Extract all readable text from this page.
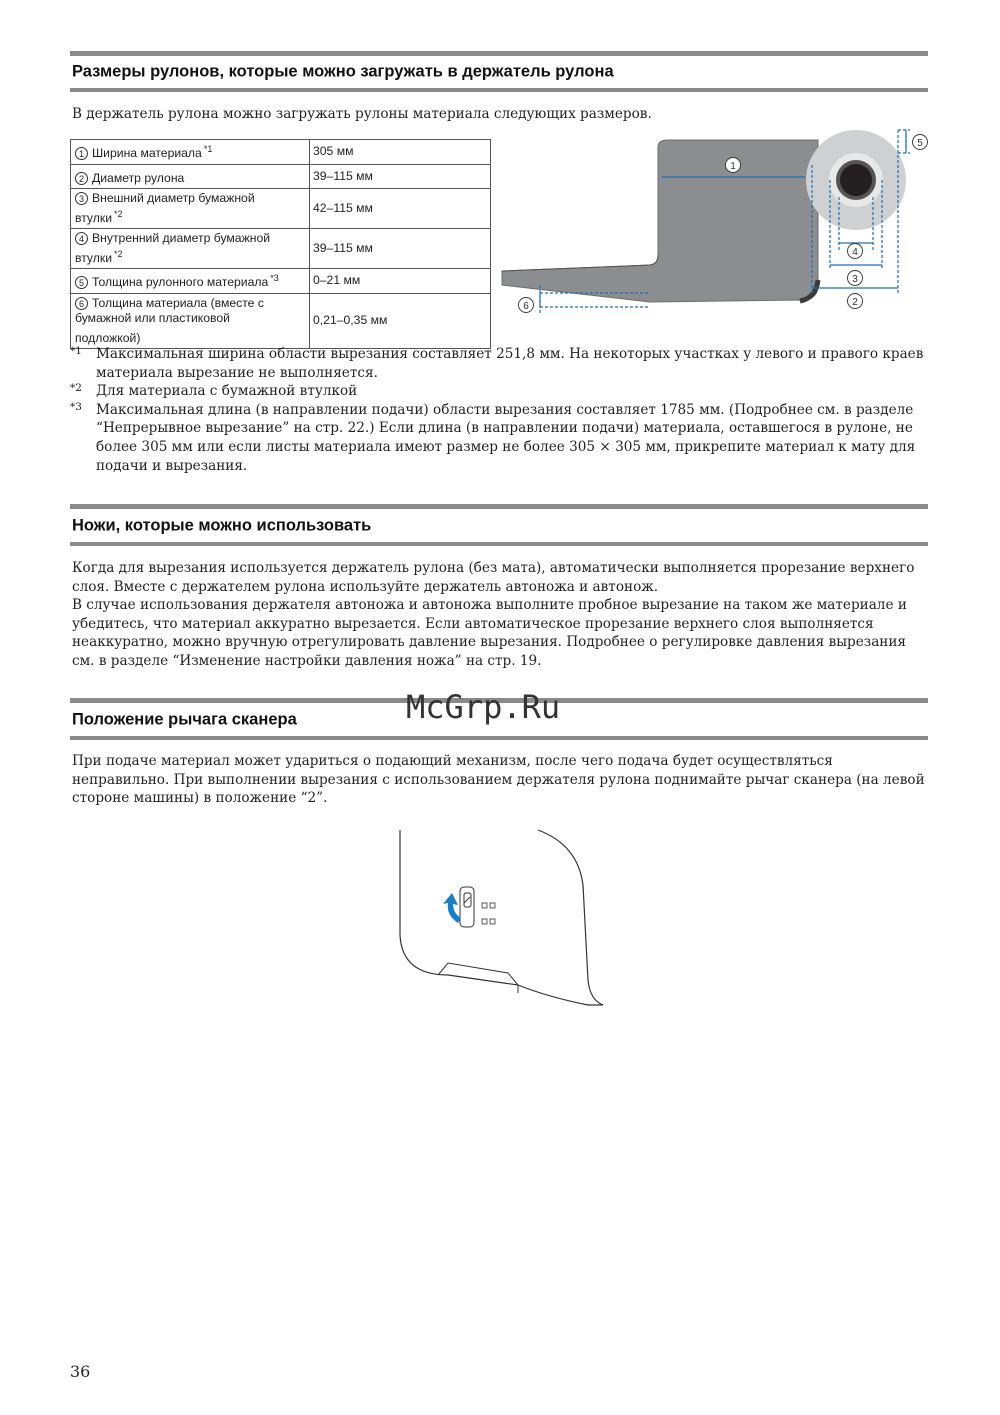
Размеры рулонов, которые можно загружать в держатель рулона

В держатель рулона можно загружать рулоны материала следующих размеров.

1 Ширина материала $^{*1}$	305 мм
2 Диаметр рулона	39–115 мм
3 Внешний диаметр бумажной
втулки $^{*2}$	42–115 мм
4 Внутренний диаметр бумажной
втулки $^{*2}$	39–115 мм
5 Толщина рулонного материала $^{*3}$	0–21 мм
6 Толщина материала (вместе с
бумажной или пластиковой
подложкой)	0,21–0,35 мм
1
2
3
4
5
6

*1 Максимальная ширина области вырезания составляет 251,8 мм. На некоторых участках у левого и правого краев материала вырезание не выполняется.

*2 Для материала с бумажной втулкой

*3 Максимальная длина (в направлении подачи) области вырезания составляет 1785 мм. (Подробнее см. в разделе “Непрерывное вырезание” на стр. 22.) Если длина (в направлении подачи) материала, оставшегося в рулоне, не более 305 мм или если листы материала имеют размер не более 305 × 305 мм, прикрепите материал к мату для подачи и вырезания.

Ножи, которые можно использовать

Когда для вырезания используется держатель рулона (без мата), автоматически выполняется прорезание верхнего слоя. Вместе с держателем рулона используйте держатель автоножа и автонож.

В случае использования держателя автоножа и автоножа выполните пробное вырезание на таком же материале и убедитесь, что материал аккуратно вырезается. Если автоматическое прорезание верхнего слоя выполняется неаккуратно, можно вручную отрегулировать давление вырезания. Подробнее о регулировке давления вырезания см. в разделе “Изменение настройки давления ножа” на стр. 19.

Положение рычага сканера	McGrp.Ru

При подаче материал может удариться о подающий механизм, после чего подача будет осуществляться неправильно. При выполнении вырезания с использованием держателя рулона поднимайте рычаг сканера (на левой стороне машины) в положение “2”.

36
